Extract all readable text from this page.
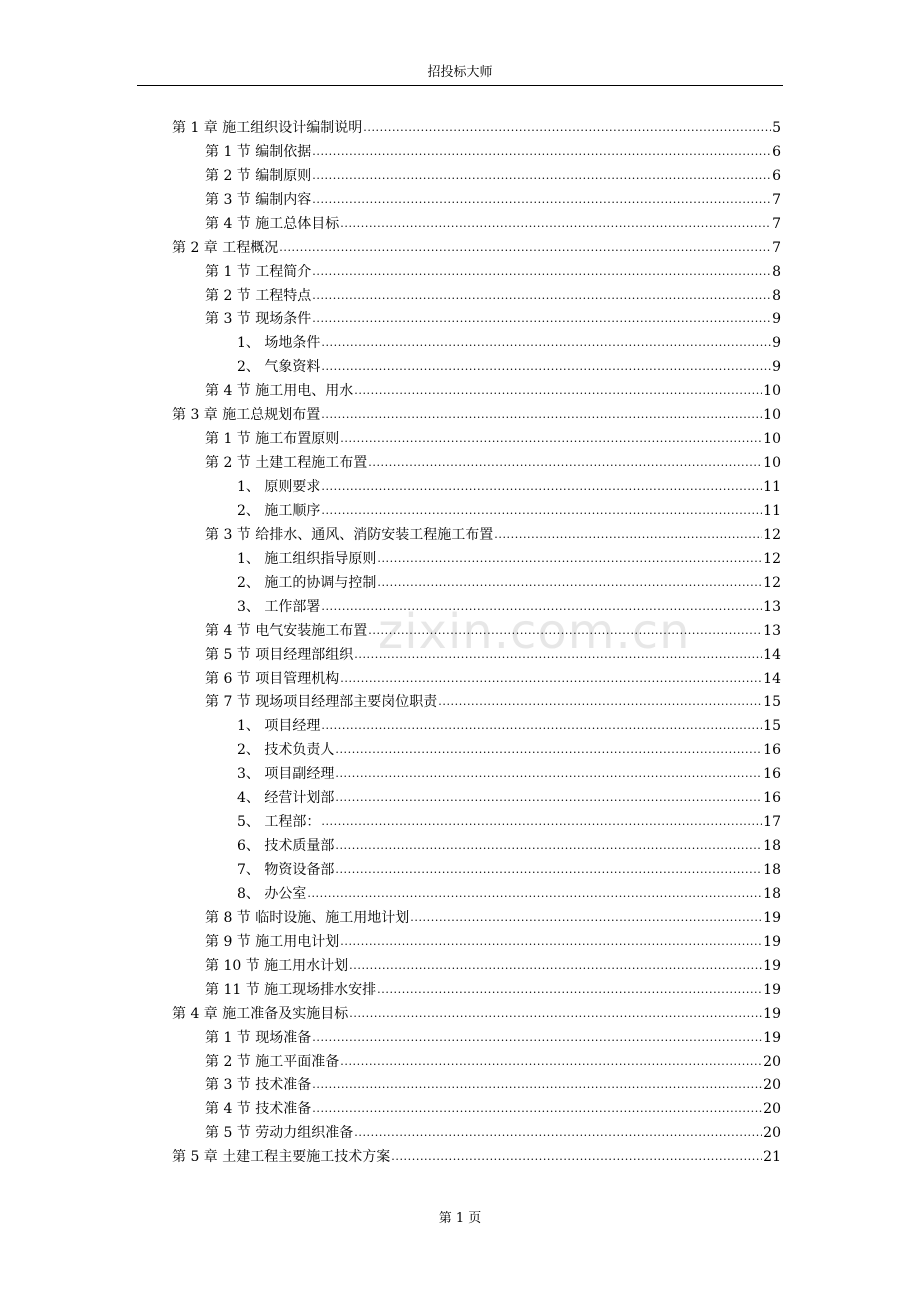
招投标大师
第 1 章 施工组织设计编制说明 .....	5
第 1 节 编制依据 .....	6
第 2 节 编制原则 .....	6
第 3 节 编制内容 .....	7
第 4 节 施工总体目标 .....	7
第 2 章 工程概况 .....	7
第 1 节 工程简介 .....	8
第 2 节 工程特点 .....	8
第 3 节 现场条件 .....	9
1、 场地条件 .....	9
2、 气象资料 .....	9
第 4 节 施工用电、用水 .....	10
第 3 章 施工总规划布置 .....	10
第 1 节 施工布置原则 .....	10
第 2 节 土建工程施工布置 .....	10
1、 原则要求 .....	11
2、 施工顺序 .....	11
第 3 节 给排水、通风、消防安装工程施工布置 .....	12
1、 施工组织指导原则 .....	12
2、 施工的协调与控制 .....	12
3、 工作部署 .....	13
第 4 节 电气安装施工布置 .....	13
第 5 节 项目经理部组织 .....	14
第 6 节 项目管理机构 .....	14
第 7 节 现场项目经理部主要岗位职责 .....	15
1、 项目经理 .....	15
2、 技术负责人 .....	16
3、 项目副经理 .....	16
4、 经营计划部 .....	16
5、 工程部： .....	17
6、 技术质量部 .....	18
7、 物资设备部 .....	18
8、 办公室 .....	18
第 8 节 临时设施、施工用地计划 .....	19
第 9 节 施工用电计划 .....	19
第 10 节 施工用水计划 .....	19
第 11 节 施工现场排水安排 .....	19
第 4 章 施工准备及实施目标 .....	19
第 1 节 现场准备 .....	19
第 2 节 施工平面准备 .....	20
第 3 节 技术准备 .....	20
第 4 节 技术准备 .....	20
第 5 节 劳动力组织准备 .....	20
第 5 章 土建工程主要施工技术方案 .....	21
zixin.com.cn
第 1 页
